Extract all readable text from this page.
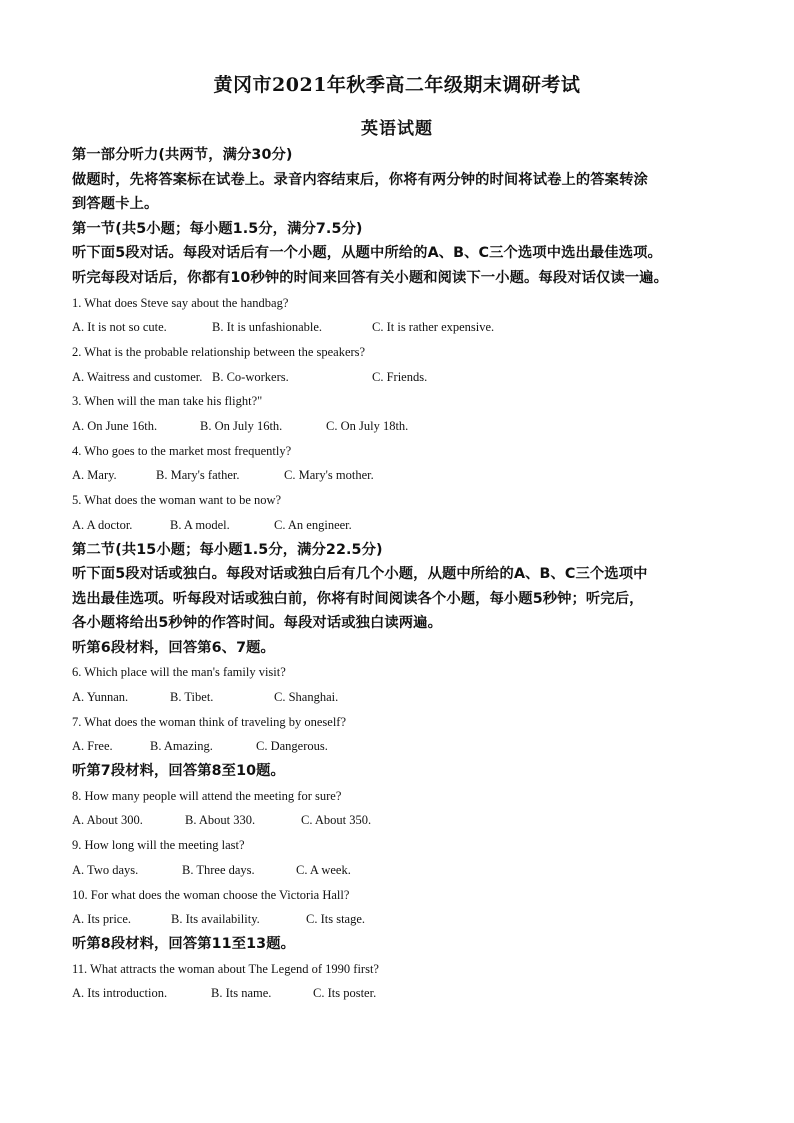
黄冈市2021年秋季高二年级期末调研考试
英语试题
第一部分听力(共两节，满分30分)
做题时，先将答案标在试卷上。录音内容结束后，你将有两分钟的时间将试卷上的答案转涂
到答题卡上。
第一节(共5小题；每小题1.5分，满分7.5分)
听下面5段对话。每段对话后有一个小题，从题中所给的A、B、C三个选项中选出最佳选项。
听完每段对话后，你都有10秒钟的时间来回答有关小题和阅读下一小题。每段对话仅读一遍。
1. What does Steve say about the handbag?
A. It is not so cute.	B. It is unfashionable.	C. It is rather expensive.
2. What is the probable relationship between the speakers?
A. Waitress and customer. B. Co-workers.	C. Friends.
3. When will the man take his flight?"
A. On June 16th.	B. On July 16th.	C. On July 18th.
4. Who goes to the market most frequently?
A. Mary.	B. Mary's father.	C. Mary's mother.
5. What does the woman want to be now?
A. A doctor.	B. A model.	C. An engineer.
第二节(共15小题；每小题1.5分，满分22.5分)
听下面5段对话或独白。每段对话或独白后有几个小题，从题中所给的A、B、C三个选项中
选出最佳选项。听每段对话或独白前，你将有时间阅读各个小题，每小题5秒钟；听完后，
各小题将给出5秒钟的作答时间。每段对话或独白读两遍。
听第6段材料，回答第6、7题。
6. Which place will the man's family visit?
A. Yunnan.	B. Tibet.	C. Shanghai.
7. What does the woman think of traveling by oneself?
A. Free.	B. Amazing.	C. Dangerous.
听第7段材料，回答第8至10题。
8. How many people will attend the meeting for sure?
A. About 300.	B. About 330.	C. About 350.
9. How long will the meeting last?
A. Two days.	B. Three days.	C. A week.
10. For what does the woman choose the Victoria Hall?
A. Its price.	B. Its availability.	C. Its stage.
听第8段材料，回答第11至13题。
11. What attracts the woman about The Legend of 1990 first?
A. Its introduction.	B. Its name.	C. Its poster.
